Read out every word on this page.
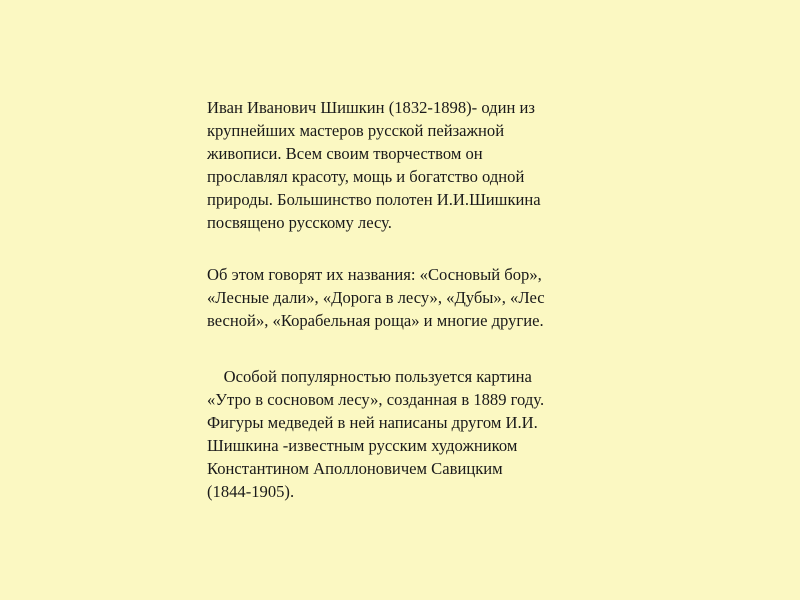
Иван Иванович Шишкин (1832-1898)- один из
крупнейших мастеров русской пейзажной
живописи. Всем своим творчеством он
прославлял красоту, мощь и богатство одной
природы. Большинство полотен И.И.Шишкина
посвящено русскому лесу.
Об этом говорят их названия: «Сосновый бор»,
«Лесные дали», «Дорога в лесу», «Дубы», «Лес
весной», «Корабельная роща» и многие другие.
Особой популярностью пользуется картина
«Утро в сосновом лесу», созданная в 1889 году.
Фигуры медведей в ней написаны другом И.И.
Шишкина -известным русским художником
Константином Аполлоновичем Савицким
(1844-1905).
